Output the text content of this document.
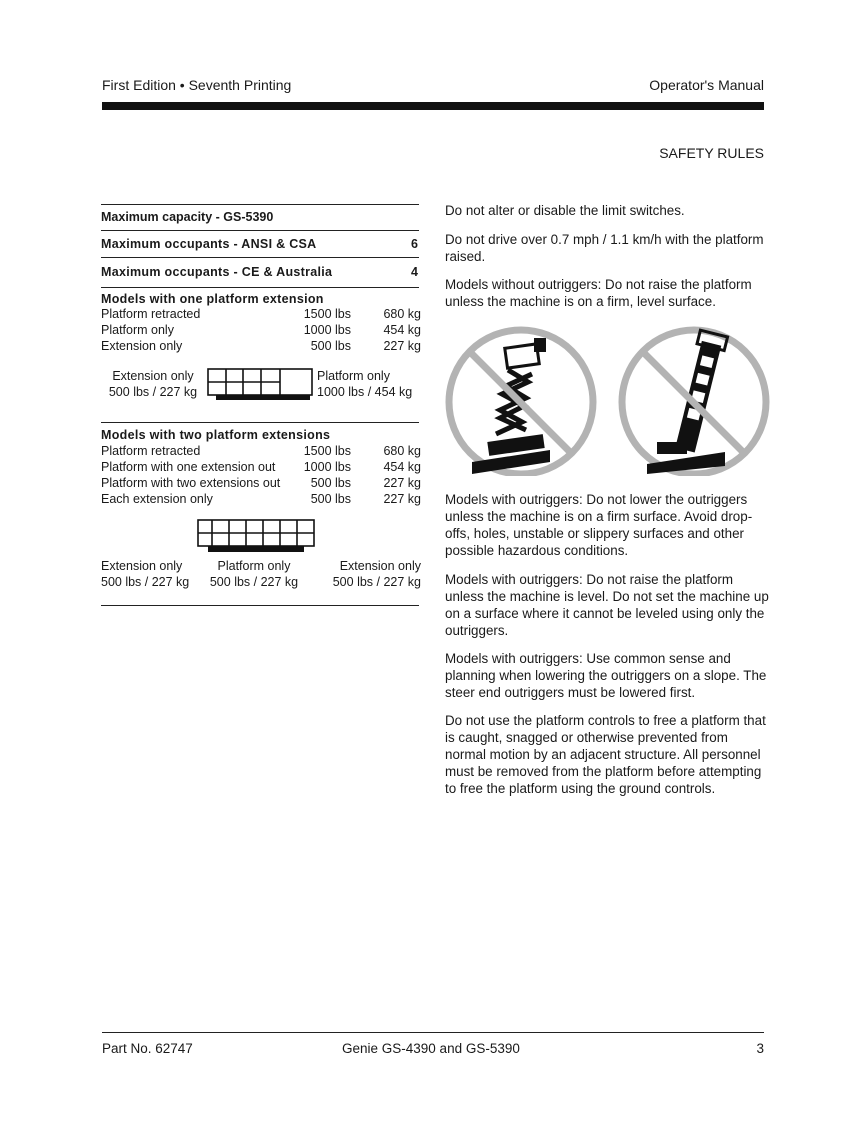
First Edition • Seventh Printing	Operator's Manual
SAFETY RULES
Maximum capacity - GS-5390
Maximum occupants - ANSI & CSA	6
Maximum occupants - CE & Australia	4
Models with one platform extension
Platform retracted	1500 lbs	680 kg
Platform only	1000 lbs	454 kg
Extension only	500 lbs	227 kg
Extension only
500 lbs / 227 kg
Platform only
1000 lbs / 454 kg
Models with two platform extensions
Platform retracted	1500 lbs	680 kg
Platform with one extension out 1000 lbs	454 kg
Platform with two extensions out 500 lbs	227 kg
Each extension only	500 lbs	227 kg
Extension only
500 lbs / 227 kg
Platform only
500 lbs / 227 kg
Extension only
500 lbs / 227 kg
Do not alter or disable the limit switches.
Do not drive over 0.7 mph / 1.1 km/h with the platform raised.
Models without outriggers: Do not raise the platform unless the machine is on a firm, level surface.
Models with outriggers: Do not lower the outriggers unless the machine is on a firm surface. Avoid drop-offs, holes, unstable or slippery surfaces and other possible hazardous conditions.
Models with outriggers: Do not raise the platform unless the machine is level. Do not set the machine up on a surface where it cannot be leveled using only the outriggers.
Models with outriggers: Use common sense and planning when lowering the outriggers on a slope. The steer end outriggers must be lowered first.
Do not use the platform controls to free a platform that is caught, snagged or otherwise prevented from normal motion by an adjacent structure. All personnel must be removed from the platform before attempting to free the platform using the ground controls.
Part No. 62747	Genie GS-4390 and GS-5390	3
